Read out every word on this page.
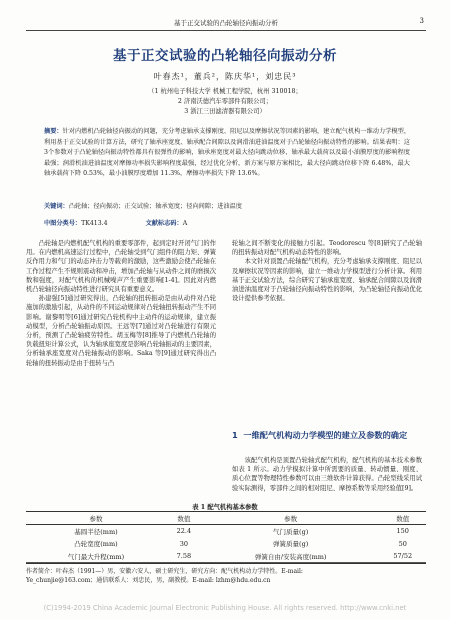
基于正交试验的凸轮轴径向振动分析	3
基于正交试验的凸轮轴径向振动分析
叶春杰¹，董兵²，陈庆华¹，刘忠民³
（1 杭州电子科技大学 机械工程学院，杭州 310018；
2 济南沃德汽车零部件有限公司；
3 浙江三田滤清器有限公司）
摘要：针对内燃机凸轮轴径向振动的问题，充分考虑轴承支撑刚度、阻尼以及摩擦状况等因素的影响，建立配气机构一维动力学模型，利用基于正交试验的计算方法，研究了轴承座宽度、轴承配合间隙以及润滑油进油温度对于凸轮轴径向振动特性的影响。结果表明：这3个参数对于凸轮轴径向振动特性都具有很弹性的影响，轴承座宽度对最大径向跳动位移、轴承最大载荷以及最小油膜厚度的影响程度最强；润滑机油进油温度对摩擦功率损失影响程度最强，经过优化分析，新方案与原方案相比，最大径向跳动位移下降 6.48%，最大轴承载荷下降 0.53%，最小油膜厚度增加 11.3%，摩擦功率损失下降 13.6%。
关键词：凸轮轴；径向振动；正交试验；轴承宽度；径向间隙；进油温度
中图分类号：TK413.4	文献标志码：A

凸轮轴是内燃机配气机构的重要零部件，起到定时开闭气门的作用。在内燃机高速运行过程中，凸轮轴受到气门组件的阻力矩、弹簧反作用力和气门的动态冲击力等载荷的激励，这些激励会使凸轮轴在工作过程产生不规则震动和冲击，增加凸轮轴与从动件之间的磨损次数和强度，对配气机构的机械噪声产生重要影响[1-4]。因此对内燃机凸轮轴径向振动特性进行研究具有重要意义。

孙建强[5]通过研究得出，凸轮轴的扭转振动是由从动件对凸轮施加的激励引起，从动件的不同运动规律对凸轮轴扭转振动产生不同影响。谢黎明等[6]通过研究凸轮机构中主动件的运动规律，建立振动模型，分析凸轮轴振动原因。王远等[7]通过对凸轮轴进行有限元分析，预测了凸轮轴疲劳特性。胡玉梅等[8]推导了内燃机凸轮轴的负载扭矩计算公式，认为轴承座宽度是影响凸轮轴振动的主要因素，分析轴承座宽度对凸轮轴振动的影响。Saka 等[9]通过研究得出凸轮轴的扭转振动是由于扭转与凸

轮轴之间不断变化的接触力引起。Teodorescu 等[8]研究了凸轮轴的扭转振动对配气机构动态特性的影响。

本文针对顶置凸轮轴配气机构，充分考虑轴承支撑刚度、阻尼以及摩擦状况等因素的影响，建立一维动力学模型进行分析计算。利用基于正交试验方法，综合研究了轴承座宽度、轴承配合间隙以及润滑油进油温度对于凸轮轴径向振动特性的影响，为凸轮轴径向振动优化设计提供参考依据。

1 一维配气机构动力学模型的建立及参数的确定

该配气机构是顶置凸轮轴式配气机构，配气机构的基本技术参数如表 1 所示。动力学模拟计算中所需要的质量、转动惯量、刚度、质心位置等物理特性参数可以由三维软件计算获得。凸轮型线采用试验实际测得，零部件之间的相对阻尼、摩擦系数等采用经验值[9]。

表 1 配气机构基本参数
参数	数值	参数	数值
基圆半径(mm)	22.4	气门质量(g)	150
凸轮宽度(mm)	30	弹簧质量(g)	50
气门最大升程(mm)	7.58	弹簧自由/安装高度(mm)	57/52
作者简介：叶春杰（1991—）男，安徽六安人，硕士研究生，研究方向：配气机构动力学特性。E-mail:
Ye_chunjie@163.com；通信联系人：刘忠民，男，副教授。E-mail: lzhm@hdu.edu.cn
(C)1994-2019 China Academic Journal Electronic Publishing House. All rights reserved. http://www.cnki.net
